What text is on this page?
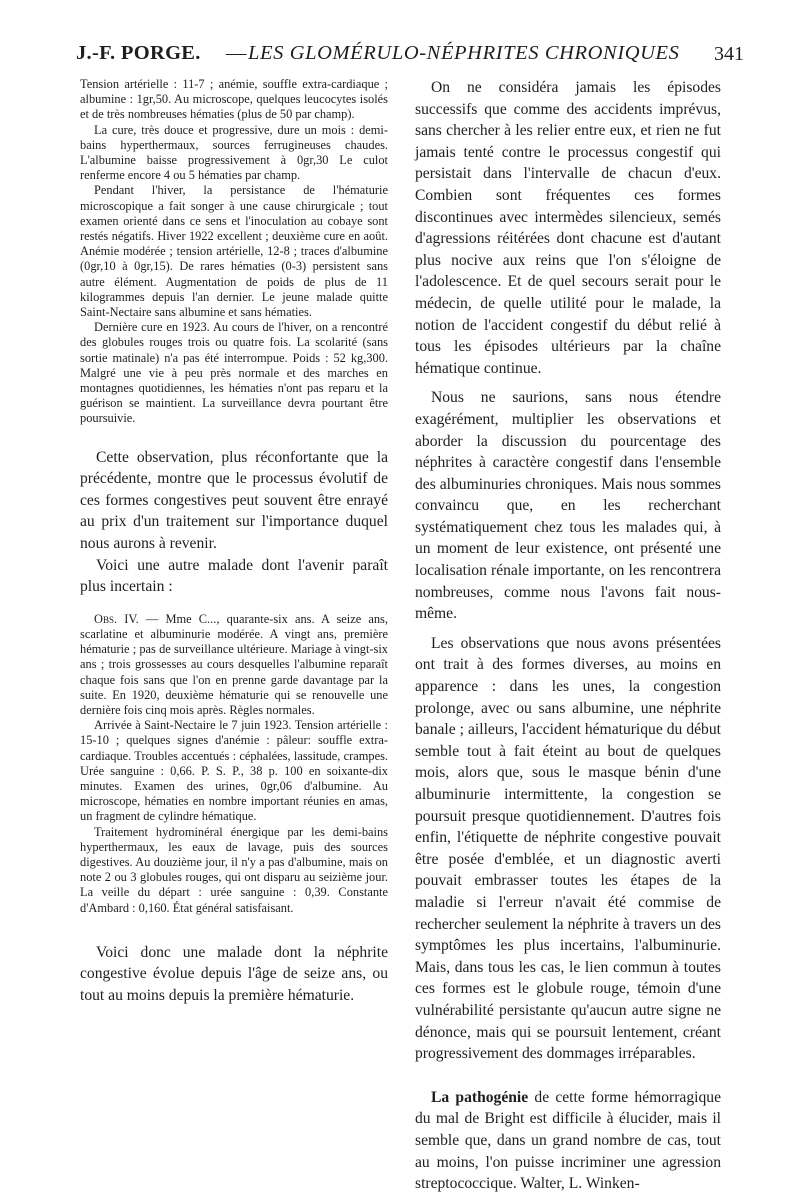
J.-F. PORGE. — LES GLOMÉRULO-NÉPHRITES CHRONIQUES 341

Tension artérielle : 11-7 ; anémie, souffle extra-cardiaque ; albumine : 1gr,50. Au microscope, quelques leucocytes isolés et de très nombreuses hématies (plus de 50 par champ).

La cure, très douce et progressive, dure un mois : demi-bains hyperthermaux, sources ferrugineuses chaudes. L'albumine baisse progressivement à 0gr,30 Le culot renferme encore 4 ou 5 hématies par champ.

Pendant l'hiver, la persistance de l'hématurie microscopique a fait songer à une cause chirurgicale ; tout examen orienté dans ce sens et l'inoculation au cobaye sont restés négatifs. Hiver 1922 excellent ; deuxième cure en août. Anémie modérée ; tension artérielle, 12-8 ; traces d'albumine (0gr,10 à 0gr,15). De rares hématies (0-3) persistent sans autre élément. Augmentation de poids de plus de 11 kilogrammes depuis l'an dernier. Le jeune malade quitte Saint-Nectaire sans albumine et sans hématies.

Dernière cure en 1923. Au cours de l'hiver, on a rencontré des globules rouges trois ou quatre fois. La scolarité (sans sortie matinale) n'a pas été interrompue. Poids : 52 kg,300. Malgré une vie à peu près normale et des marches en montagnes quotidiennes, les hématies n'ont pas reparu et la guérison se maintient. La surveillance devra pourtant être poursuivie.

Cette observation, plus réconfortante que la précédente, montre que le processus évolutif de ces formes congestives peut souvent être enrayé au prix d'un traitement sur l'importance duquel nous aurons à revenir.

Voici une autre malade dont l'avenir paraît plus incertain :

Obs. IV. — Mme C..., quarante-six ans. A seize ans, scarlatine et albuminurie modérée. A vingt ans, première hématurie ; pas de surveillance ultérieure. Mariage à vingt-six ans ; trois grossesses au cours desquelles l'albumine reparaît chaque fois sans que l'on en prenne garde davantage par la suite. En 1920, deuxième hématurie qui se renouvelle une dernière fois cinq mois après. Règles normales.

Arrivée à Saint-Nectaire le 7 juin 1923. Tension artérielle : 15-10 ; quelques signes d'anémie : pâleur: souffle extra-cardiaque. Troubles accentués : céphalées, lassitude, crampes. Urée sanguine : 0,66. P. S. P., 38 p. 100 en soixante-dix minutes. Examen des urines, 0gr,06 d'albumine. Au microscope, hématies en nombre important réunies en amas, un fragment de cylindre hématique.

Traitement hydrominéral énergique par les demi-bains hyperthermaux, les eaux de lavage, puis des sources digestives. Au douzième jour, il n'y a pas d'albumine, mais on note 2 ou 3 globules rouges, qui ont disparu au seizième jour. La veille du départ : urée sanguine : 0,39. Constante d'Ambard : 0,160. État général satisfaisant.

Voici donc une malade dont la néphrite congestive évolue depuis l'âge de seize ans, ou tout au moins depuis la première hématurie.

On ne considéra jamais les épisodes successifs que comme des accidents imprévus, sans chercher à les relier entre eux, et rien ne fut jamais tenté contre le processus congestif qui persistait dans l'intervalle de chacun d'eux. Combien sont fréquentes ces formes discontinues avec intermèdes silencieux, semés d'agressions réitérées dont chacune est d'autant plus nocive aux reins que l'on s'éloigne de l'adolescence. Et de quel secours serait pour le médecin, de quelle utilité pour le malade, la notion de l'accident congestif du début relié à tous les épisodes ultérieurs par la chaîne hématique continue.

Nous ne saurions, sans nous étendre exagérément, multiplier les observations et aborder la discussion du pourcentage des néphrites à caractère congestif dans l'ensemble des albuminuries chroniques. Mais nous sommes convaincu que, en les recherchant systématiquement chez tous les malades qui, à un moment de leur existence, ont présenté une localisation rénale importante, on les rencontrera nombreuses, comme nous l'avons fait nous-même.

Les observations que nous avons présentées ont trait à des formes diverses, au moins en apparence : dans les unes, la congestion prolonge, avec ou sans albumine, une néphrite banale ; ailleurs, l'accident hématurique du début semble tout à fait éteint au bout de quelques mois, alors que, sous le masque bénin d'une albuminurie intermittente, la congestion se poursuit presque quotidiennement. D'autres fois enfin, l'étiquette de néphrite congestive pouvait être posée d'emblée, et un diagnostic averti pouvait embrasser toutes les étapes de la maladie si l'erreur n'avait été commise de rechercher seulement la néphrite à travers un des symptômes les plus incertains, l'albuminurie. Mais, dans tous les cas, le lien commun à toutes ces formes est le globule rouge, témoin d'une vulnérabilité persistante qu'aucun autre signe ne dénonce, mais qui se poursuit lentement, créant progressivement des dommages irréparables.

La pathogénie de cette forme hémorragique du mal de Bright est difficile à élucider, mais il semble que, dans un grand nombre de cas, tout au moins, l'on puisse incriminer une agression streptococcique. Walter, L. Winken-
